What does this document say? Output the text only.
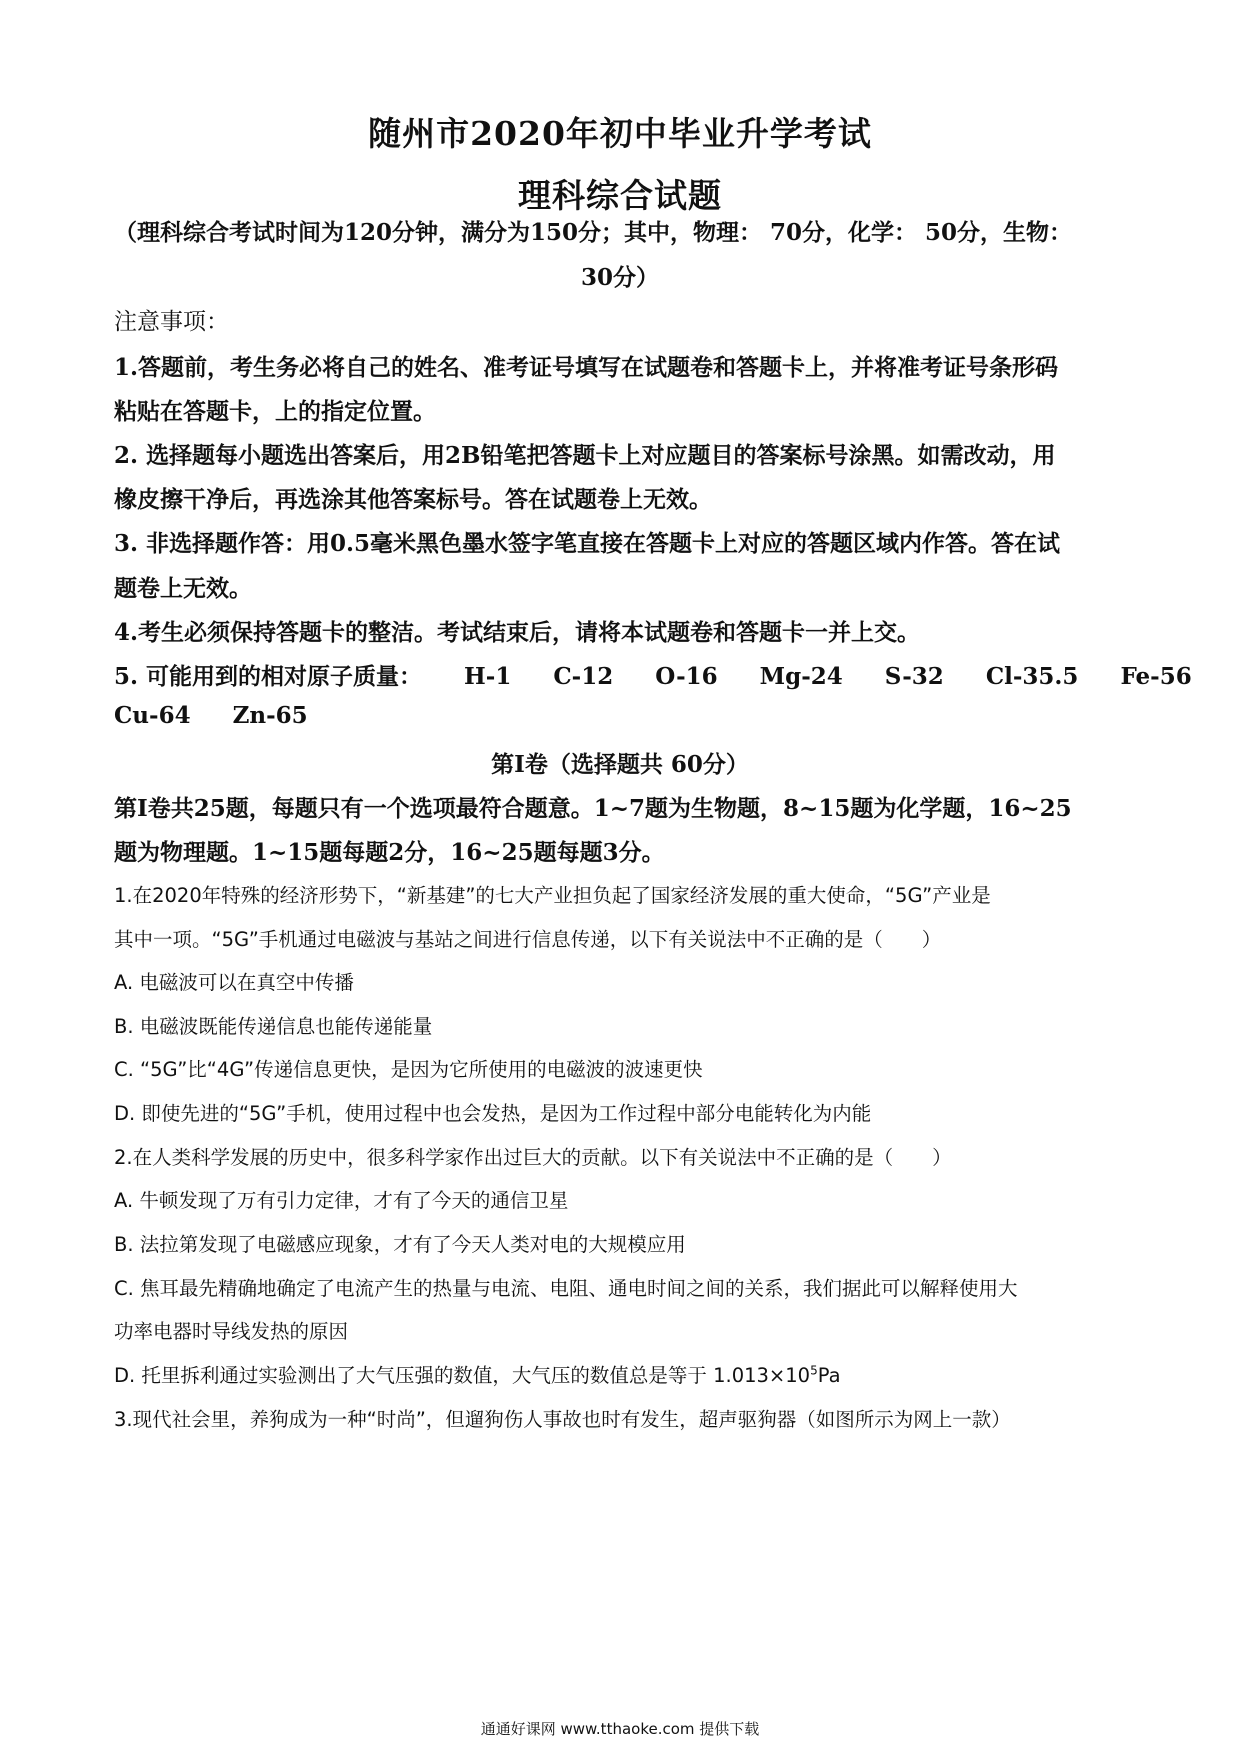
随州市2020年初中毕业升学考试
理科综合试题
（理科综合考试时间为120分钟，满分为150分；其中，物理： 70分，化学： 50分，生物：
30分）
注意事项：
1.答题前，考生务必将自己的姓名、准考证号填写在试题卷和答题卡上，并将准考证号条形码
粘贴在答题卡，上的指定位置。
2. 选择题每小题选出答案后，用2B铅笔把答题卡上对应题目的答案标号涂黑。如需改动，用
橡皮擦干净后，再选涂其他答案标号。答在试题卷上无效。
3. 非选择题作答：用0.5毫米黑色墨水签字笔直接在答题卡上对应的答题区域内作答。答在试
题卷上无效。
4.考生必须保持答题卡的整洁。考试结束后，请将本试题卷和答题卡一并上交。
5. 可能用到的相对原子质量： H-1 C-12 O-16 Mg-24 S-32 Cl-35.5 Fe-56
Cu-64 Zn-65
第Ⅰ卷（选择题共 60分）
第Ⅰ卷共25题，每题只有一个选项最符合题意。1~7题为生物题，8~15题为化学题，16~25
题为物理题。1~15题每题2分，16~25题每题3分。
1.在2020年特殊的经济形势下，“新基建”的七大产业担负起了国家经济发展的重大使命，“5G”产业是
其中一项。“5G”手机通过电磁波与基站之间进行信息传递，以下有关说法中不正确的是（　　）
A. 电磁波可以在真空中传播
B. 电磁波既能传递信息也能传递能量
C. “5G”比“4G”传递信息更快，是因为它所使用的电磁波的波速更快
D. 即使先进的“5G”手机，使用过程中也会发热，是因为工作过程中部分电能转化为内能
2.在人类科学发展的历史中，很多科学家作出过巨大的贡献。以下有关说法中不正确的是（　　）
A. 牛顿发现了万有引力定律，才有了今天的通信卫星
B. 法拉第发现了电磁感应现象，才有了今天人类对电的大规模应用
C. 焦耳最先精确地确定了电流产生的热量与电流、电阻、通电时间之间的关系，我们据此可以解释使用大
功率电器时导线发热的原因
D. 托里拆利通过实验测出了大气压强的数值，大气压的数值总是等于 $1.013\times 10^5Pa$
3.现代社会里，养狗成为一种“时尚”，但遛狗伤人事故也时有发生，超声驱狗器（如图所示为网上一款）
通通好课网 www.tthaoke.com 提供下载
